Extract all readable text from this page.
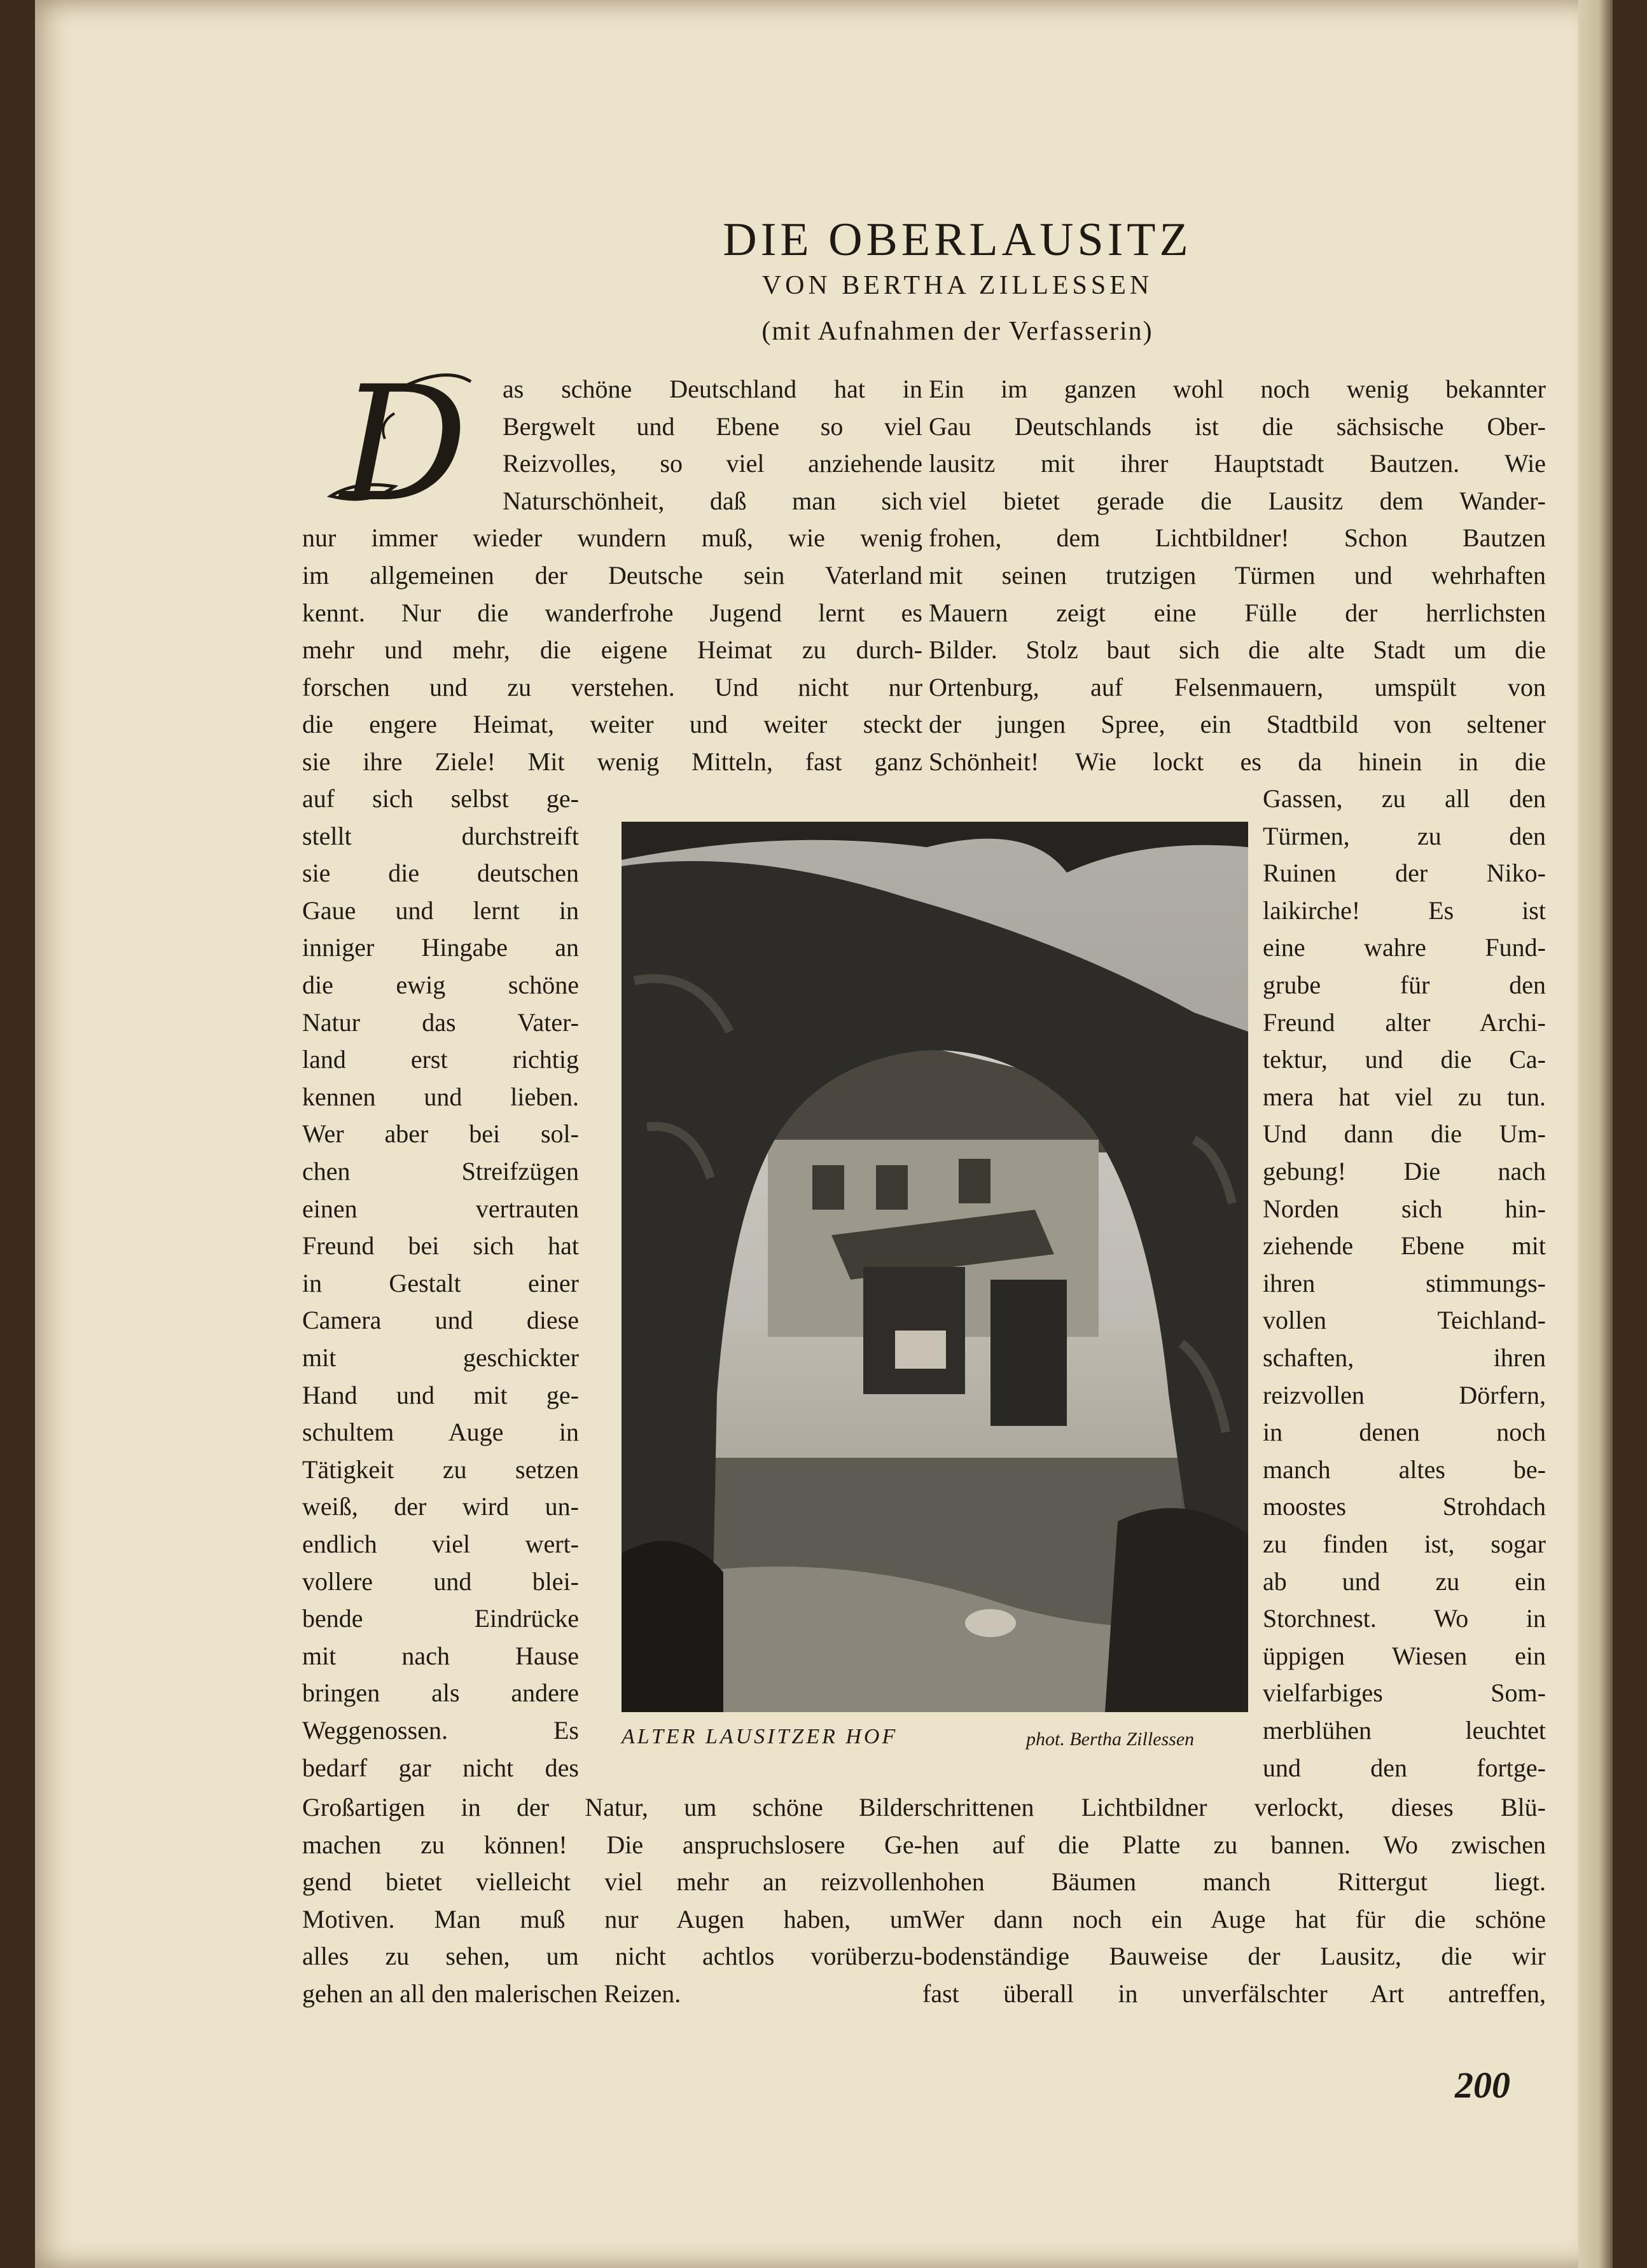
DIE OBERLAUSITZ
VON BERTHA ZILLESSEN
(mit Aufnahmen der Verfasserin)
D as schöne Deutschland hat in
Bergwelt und Ebene so viel
Reizvolles, so viel anziehende
Naturschönheit, daß man sich
nur immer wieder wundern muß, wie wenig
im allgemeinen der Deutsche sein Vaterland
kennt. Nur die wanderfrohe Jugend lernt es
mehr und mehr, die eigene Heimat zu durch-
forschen und zu verstehen. Und nicht nur
die engere Heimat, weiter und weiter steckt
sie ihre Ziele! Mit wenig Mitteln, fast ganz
auf sich selbst ge-
stellt durchstreift
sie die deutschen
Gaue und lernt in
inniger Hingabe an
die ewig schöne
Natur das Vater-
land erst richtig
kennen und lieben.
Wer aber bei sol-
chen Streifzügen
einen vertrauten
Freund bei sich hat
in Gestalt einer
Camera und diese
mit geschickter
Hand und mit ge-
schultem Auge in
Tätigkeit zu setzen
weiß, der wird un-
endlich viel wert-
vollere und blei-
bende Eindrücke
mit nach Hause
bringen als andere
Weggenossen. Es
bedarf gar nicht des
Großartigen in der Natur, um schöne Bilder
machen zu können! Die anspruchslosere Ge-
gend bietet vielleicht viel mehr an reizvollen
Motiven. Man muß nur Augen haben, um
alles zu sehen, um nicht achtlos vorüberzu-
gehen an all den malerischen Reizen.
Ein im ganzen wohl noch wenig bekannter
Gau Deutschlands ist die sächsische Ober-
lausitz mit ihrer Hauptstadt Bautzen. Wie
viel bietet gerade die Lausitz dem Wander-
frohen, dem Lichtbildner! Schon Bautzen
mit seinen trutzigen Türmen und wehrhaften
Mauern zeigt eine Fülle der herrlichsten
Bilder. Stolz baut sich die alte Stadt um die
Ortenburg, auf Felsenmauern, umspült von
der jungen Spree, ein Stadtbild von seltener
Schönheit! Wie lockt es da hinein in die
Gassen, zu all den
Türmen, zu den
Ruinen der Niko-
laikirche! Es ist
eine wahre Fund-
grube für den
Freund alter Archi-
tektur, und die Ca-
mera hat viel zu tun.
Und dann die Um-
gebung! Die nach
Norden sich hin-
ziehende Ebene mit
ihren stimmungs-
vollen Teichland-
schaften, ihren
reizvollen Dörfern,
in denen noch
manch altes be-
moostes Strohdach
zu finden ist, sogar
ab und zu ein
Storchnest. Wo in
üppigen Wiesen ein
vielfarbiges Som-
merblühen leuchtet
und den fortge-
schrittenen Lichtbildner verlockt, dieses Blü-
hen auf die Platte zu bannen. Wo zwischen
hohen Bäumen manch Rittergut liegt.
Wer dann noch ein Auge hat für die schöne
bodenständige Bauweise der Lausitz, die wir
fast überall in unverfälschter Art antreffen,
ALTER LAUSITZER HOF	phot. Bertha Zillessen
200
